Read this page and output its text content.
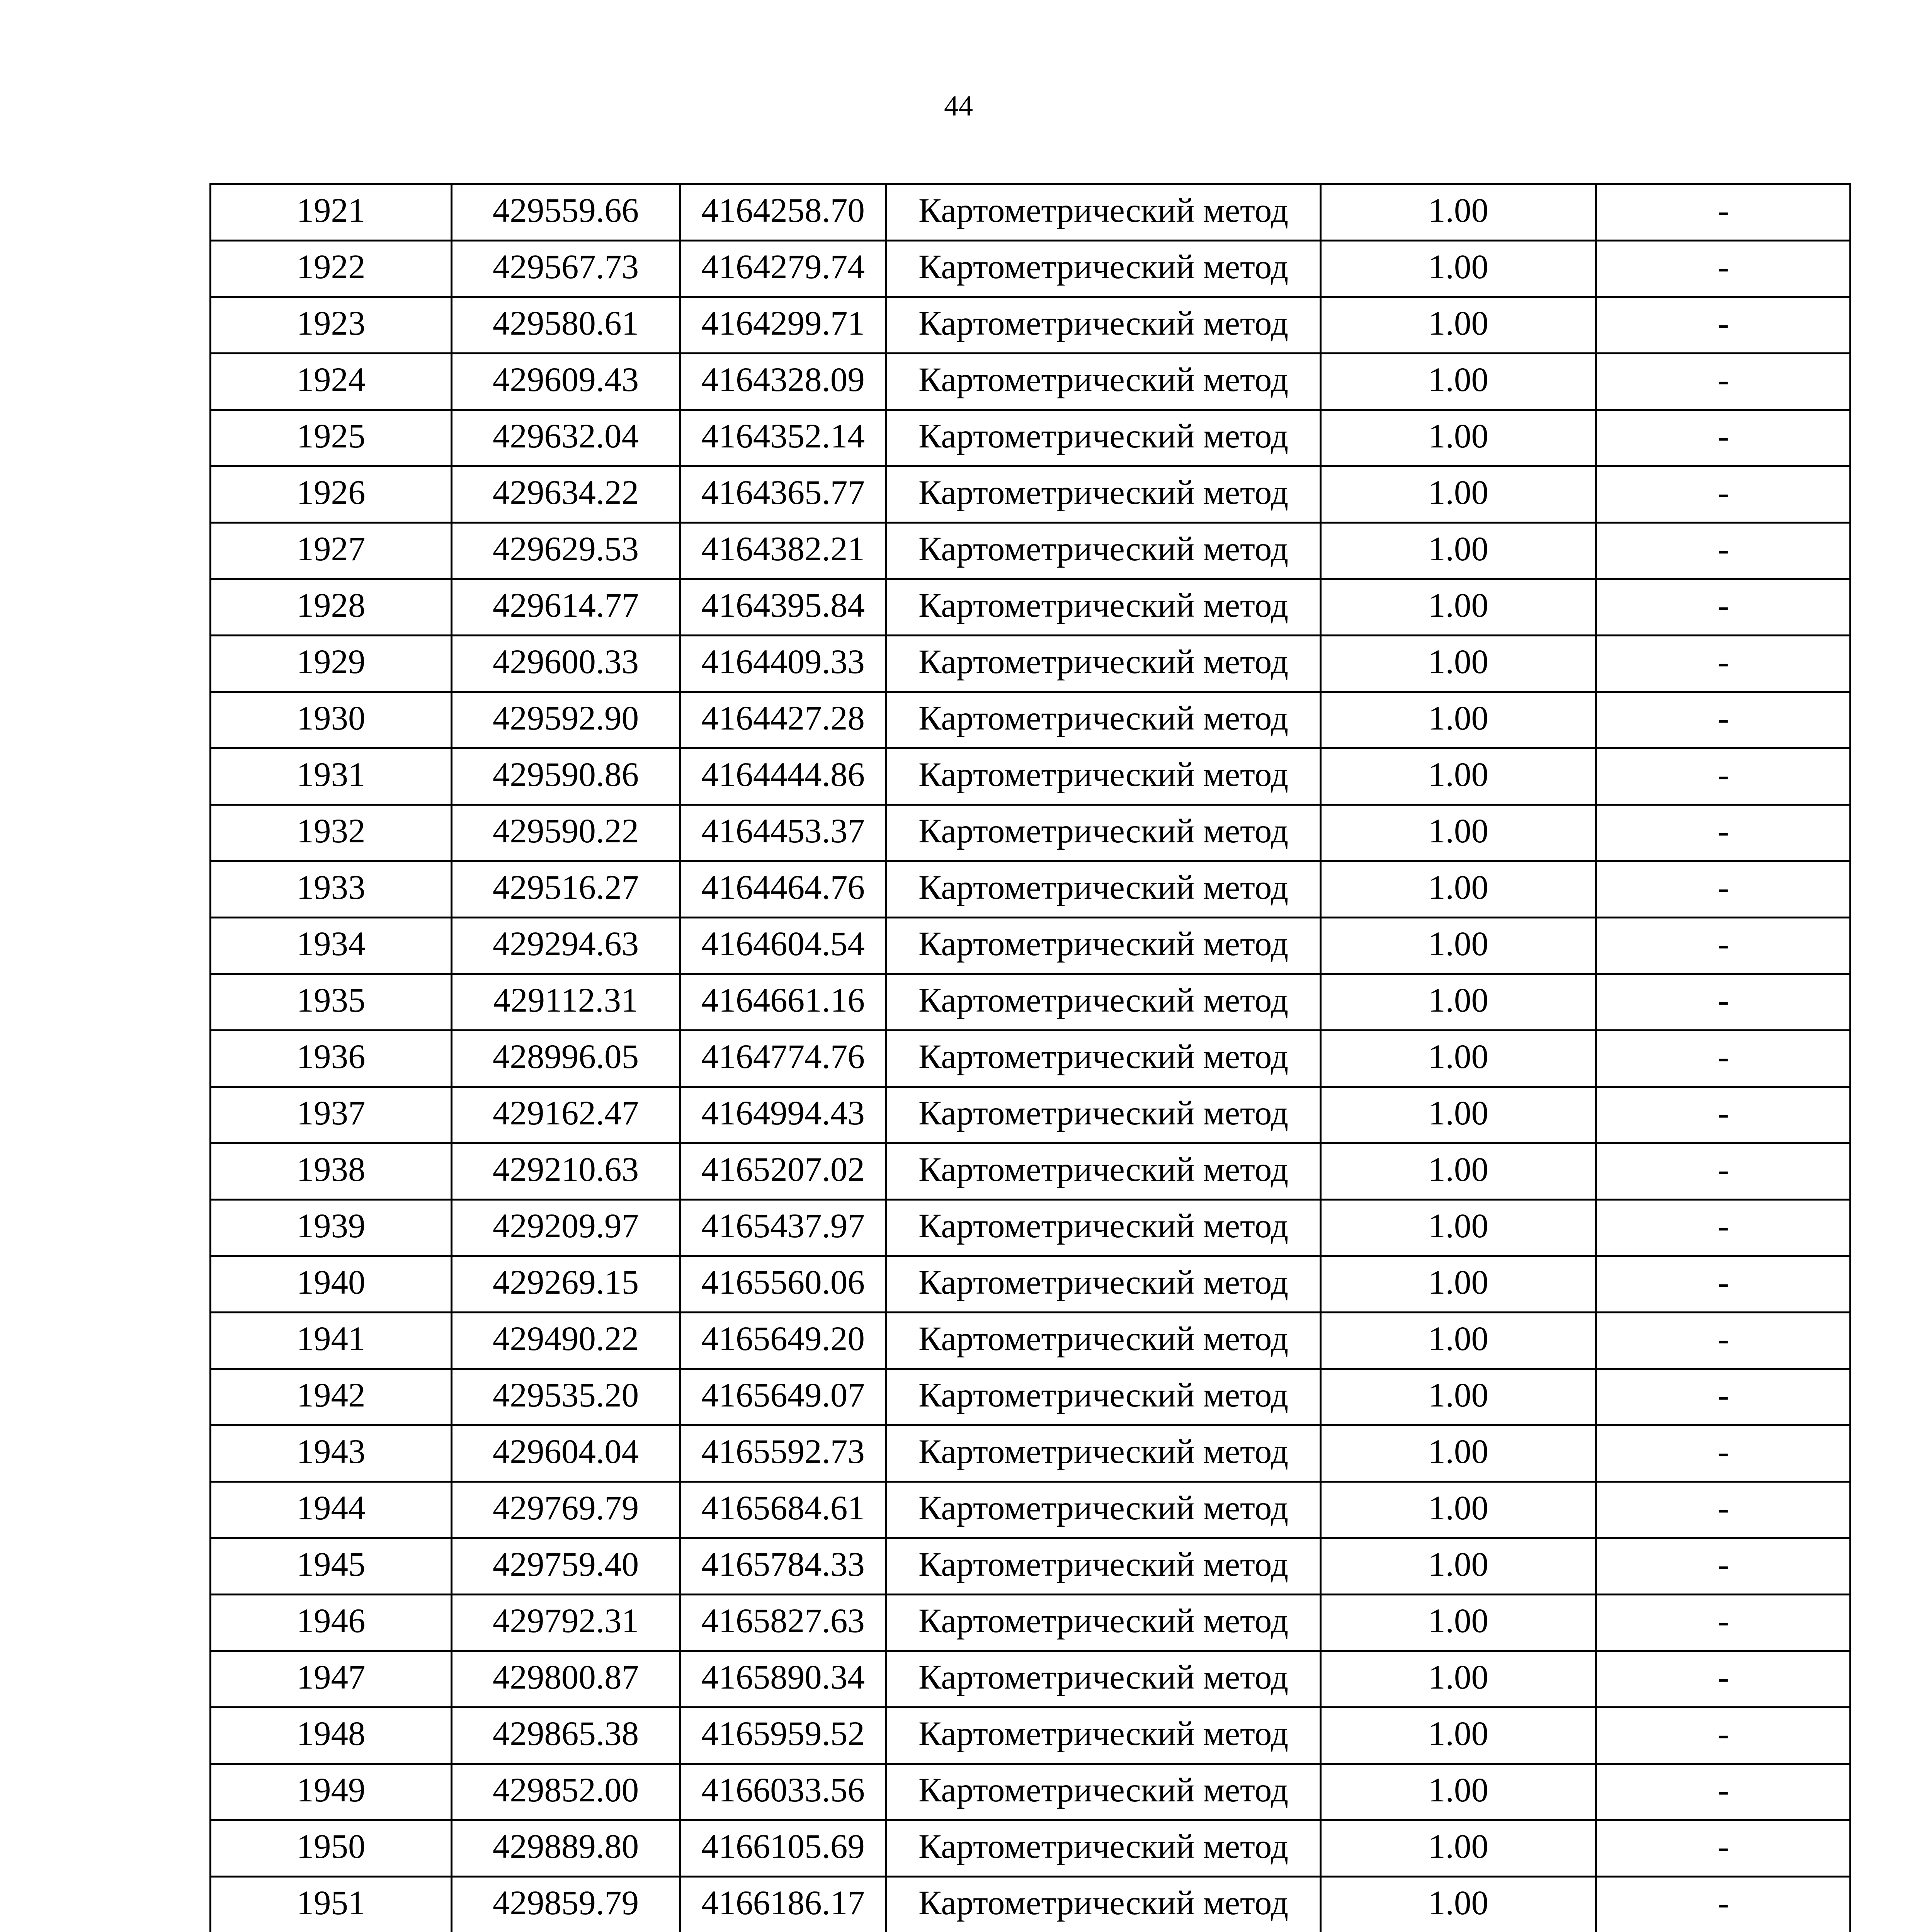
44
1921	429559.66	4164258.70	Картометрический метод	1.00	-
1922	429567.73	4164279.74	Картометрический метод	1.00	-
1923	429580.61	4164299.71	Картометрический метод	1.00	-
1924	429609.43	4164328.09	Картометрический метод	1.00	-
1925	429632.04	4164352.14	Картометрический метод	1.00	-
1926	429634.22	4164365.77	Картометрический метод	1.00	-
1927	429629.53	4164382.21	Картометрический метод	1.00	-
1928	429614.77	4164395.84	Картометрический метод	1.00	-
1929	429600.33	4164409.33	Картометрический метод	1.00	-
1930	429592.90	4164427.28	Картометрический метод	1.00	-
1931	429590.86	4164444.86	Картометрический метод	1.00	-
1932	429590.22	4164453.37	Картометрический метод	1.00	-
1933	429516.27	4164464.76	Картометрический метод	1.00	-
1934	429294.63	4164604.54	Картометрический метод	1.00	-
1935	429112.31	4164661.16	Картометрический метод	1.00	-
1936	428996.05	4164774.76	Картометрический метод	1.00	-
1937	429162.47	4164994.43	Картометрический метод	1.00	-
1938	429210.63	4165207.02	Картометрический метод	1.00	-
1939	429209.97	4165437.97	Картометрический метод	1.00	-
1940	429269.15	4165560.06	Картометрический метод	1.00	-
1941	429490.22	4165649.20	Картометрический метод	1.00	-
1942	429535.20	4165649.07	Картометрический метод	1.00	-
1943	429604.04	4165592.73	Картометрический метод	1.00	-
1944	429769.79	4165684.61	Картометрический метод	1.00	-
1945	429759.40	4165784.33	Картометрический метод	1.00	-
1946	429792.31	4165827.63	Картометрический метод	1.00	-
1947	429800.87	4165890.34	Картометрический метод	1.00	-
1948	429865.38	4165959.52	Картометрический метод	1.00	-
1949	429852.00	4166033.56	Картометрический метод	1.00	-
1950	429889.80	4166105.69	Картометрический метод	1.00	-
1951	429859.79	4166186.17	Картометрический метод	1.00	-
